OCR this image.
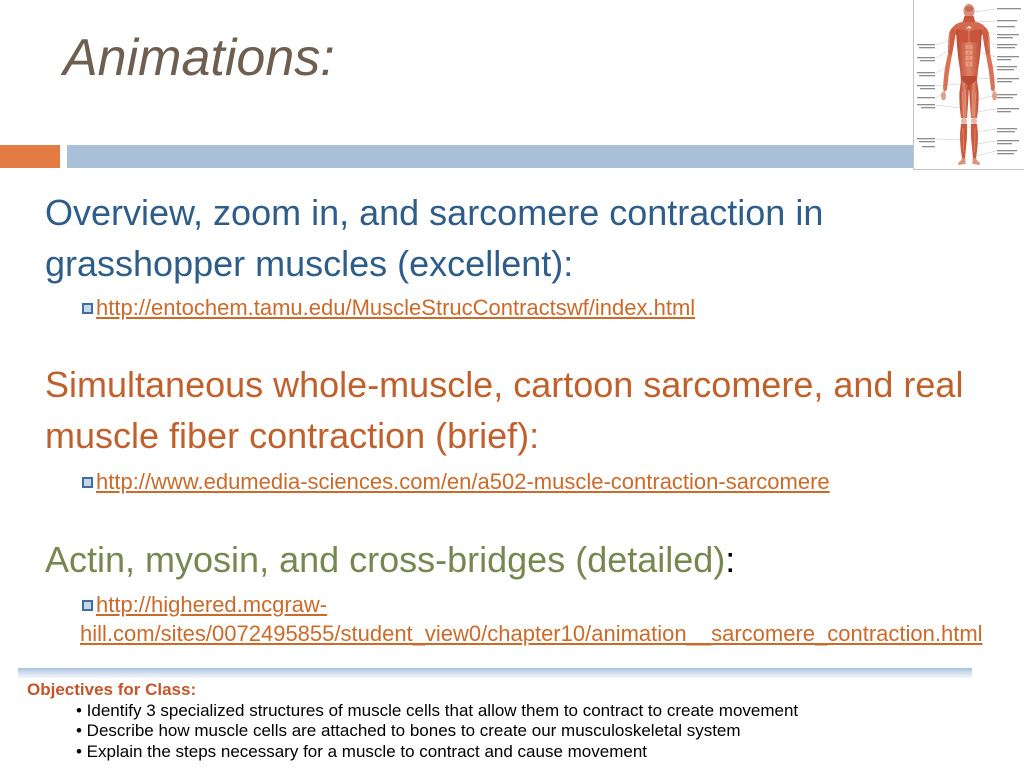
Animations:

Overview, zoom in, and sarcomere contraction in grasshopper muscles (excellent):

http:/⁠/⁠entochem.tamu.edu/⁠MuscleStrucContractswf/⁠index.html

Simultaneous whole-muscle, cartoon sarcomere, and real muscle fiber contraction (brief):

http:/⁠/⁠www.edumedia-sciences.com/⁠en/⁠a502-muscle-contraction-sarcomere

Actin, myosin, and cross-bridges (detailed):

http:/⁠/⁠highered.mcgraw-hill.com/⁠sites/⁠0072495855/⁠student_view0/⁠chapter10/⁠animation__sarcomere_contraction.html
Objectives for Class:
• Identify 3 specialized structures of muscle cells that allow them to contract to create movement
• Describe how muscle cells are attached to bones to create our musculoskeletal system
• Explain the steps necessary for a muscle to contract and cause movement
